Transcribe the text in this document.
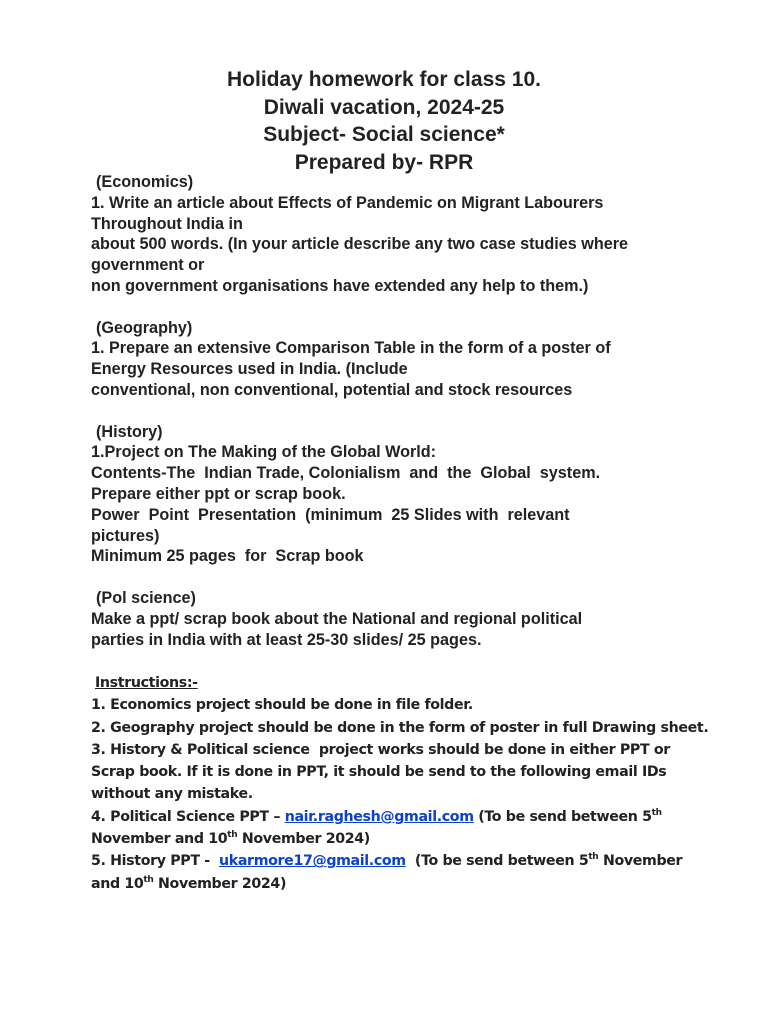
Holiday homework for class 10.
Diwali vacation, 2024-25
Subject- Social science*
Prepared by- RPR
(Economics)
1. Write an article about Effects of Pandemic on Migrant Labourers
Throughout India in
about 500 words. (In your article describe any two case studies where
government or
non government organisations have extended any help to them.)
(Geography)
1. Prepare an extensive Comparison Table in the form of a poster of
Energy Resources used in India. (Include
conventional, non conventional, potential and stock resources
(History)
1.Project on The Making of the Global World:
Contents-The  Indian Trade, Colonialism  and  the  Global  system.
Prepare either ppt or scrap book.
Power  Point  Presentation  (minimum  25 Slides with  relevant
pictures)
Minimum 25 pages  for  Scrap book
(Pol science)
Make a ppt/ scrap book about the National and regional political
parties in India with at least 25-30 slides/ 25 pages.
Instructions:-
1. Economics project should be done in file folder.
2. Geography project should be done in the form of poster in full Drawing sheet.
3. History & Political science  project works should be done in either PPT or
Scrap book. If it is done in PPT, it should be send to the following email IDs
without any mistake.
4. Political Science PPT – nair.raghesh@gmail.com (To be send between 5th
November and 10th November 2024)
5. History PPT -  ukarmore17@gmail.com  (To be send between 5th November
and 10th November 2024)
